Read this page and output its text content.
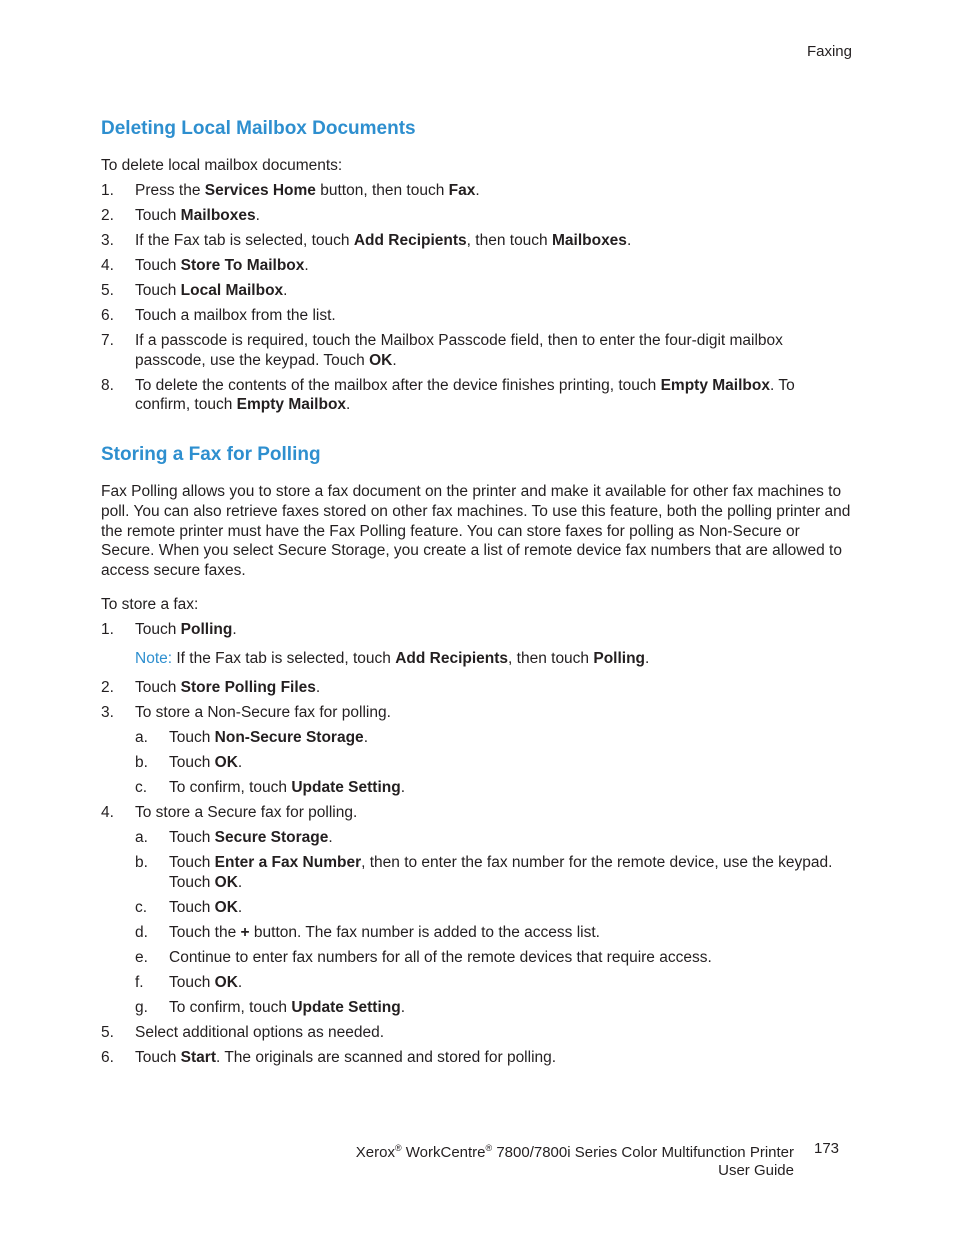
Faxing
Deleting Local Mailbox Documents

To delete local mailbox documents:

1. Press the Services Home button, then touch Fax.
2. Touch Mailboxes.
3. If the Fax tab is selected, touch Add Recipients, then touch Mailboxes.
4. Touch Store To Mailbox.
5. Touch Local Mailbox.
6. Touch a mailbox from the list.
7. If a passcode is required, touch the Mailbox Passcode field, then to enter the four-digit mailbox passcode, use the keypad. Touch OK.
8. To delete the contents of the mailbox after the device finishes printing, touch Empty Mailbox. To confirm, touch Empty Mailbox.
Storing a Fax for Polling

Fax Polling allows you to store a fax document on the printer and make it available for other fax machines to poll. You can also retrieve faxes stored on other fax machines. To use this feature, both the polling printer and the remote printer must have the Fax Polling feature. You can store faxes for polling as Non-Secure or Secure. When you select Secure Storage, you create a list of remote device fax numbers that are allowed to access secure faxes.

To store a fax:

1. Touch Polling.
Note: If the Fax tab is selected, touch Add Recipients, then touch Polling.
2. Touch Store Polling Files.
3. To store a Non-Secure fax for polling.
a. Touch Non-Secure Storage.
b. Touch OK.
c. To confirm, touch Update Setting.
4. To store a Secure fax for polling.
a. Touch Secure Storage.
b. Touch Enter a Fax Number, then to enter the fax number for the remote device, use the keypad. Touch OK.
c. Touch OK.
d. Touch the + button. The fax number is added to the access list.
e. Continue to enter fax numbers for all of the remote devices that require access.
f. Touch OK.
g. To confirm, touch Update Setting.
5. Select additional options as needed.
6. Touch Start. The originals are scanned and stored for polling.
Xerox® WorkCentre® 7800/7800i Series Color Multifunction Printer
User Guide
173
